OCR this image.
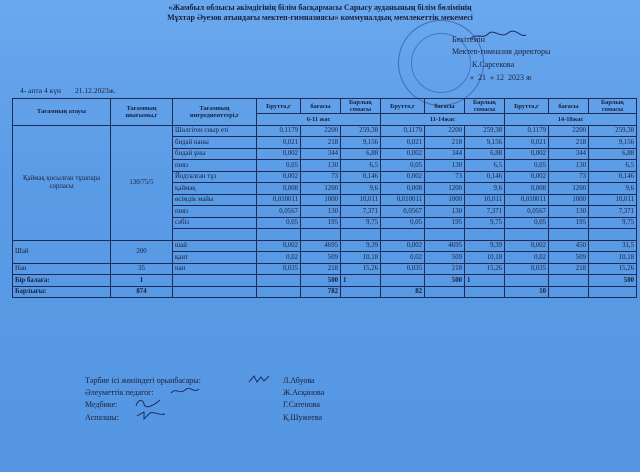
«Жамбыл облысы әкімдігінің білім басқармасы Сарысу ауданының білім бөлімінің
Мұхтар Әуезов атындағы мектеп-гимназиясы» коммуналдық мемлекеттік мекемесі
Бекітемін
Мектеп-гимназия директоры
К.Сарсекова
« 21 » 12 2023 ж
4- апта 4 күн 21.12.2023ж.
Тағамның атауы	Тағамның шығымы,г	Тағамның ингредиенттері,г	Брутто,г	бағасы	Барлық сомасы	Брутто,г	бағасы	Барлық сомасы	Брутто,г	бағасы	Барлық сомасы
			6-11 жас			11-14жас			14-18жас		
Қаймақ қосылған тұшпара сорпасы	130/75/5	Шөлгіген сиыр еті	0,1179	2200	259,38	0,1179	2200	259,38	0,1179	2200	259,38
		бидай наны	0,021	218	9,156	0,021	218	9,156	0,021	218	9,156
		бидай ұны	0,002	344	6,88	0,002	344	6,88	0,002	344	6,88
		пияз	0,05	130	6,5	0,05	130	6,5	0,05	130	6,5
		Йодталған тұз	0,002	73	0,146	0,002	73	0,146	0,002	73	0,146
		қаймақ	0,008	1200	9,6	0,008	1200	9,6	0,008	1200	9,6
		өсімдік майы	0,010011	1000	10,011	0,010011	1000	10,011	0,010011	1000	10,011
		пияз	0,0567	130	7,371	0,0567	130	7,371	0,0567	130	7,371
		сәбіз	0,05	195	9,75	0,05	195	9,75	0,05	195	9,75

Шай	200	шай	0,002	4695	9,39	0,002	4695	9,39	0,002	450	31,5
		қант	0,02	509	10,18	0,02	509	10,18	0,02	509	10,18
Нан	35	нан	0,035	218	15,26	0,035	218	15,26	0,035	218	15,26
Бір балаға:	1			500	1		500	1			500
Барлығы:	874			782		82			10		
Тәрбие ісі жөніндегі орынбасары:	Л.Абуова
Әлеуметтік педагог:	Ж.Асқанова
Медбике:	Г.Сатенова
Аспазшы:	Қ.Шужеева
